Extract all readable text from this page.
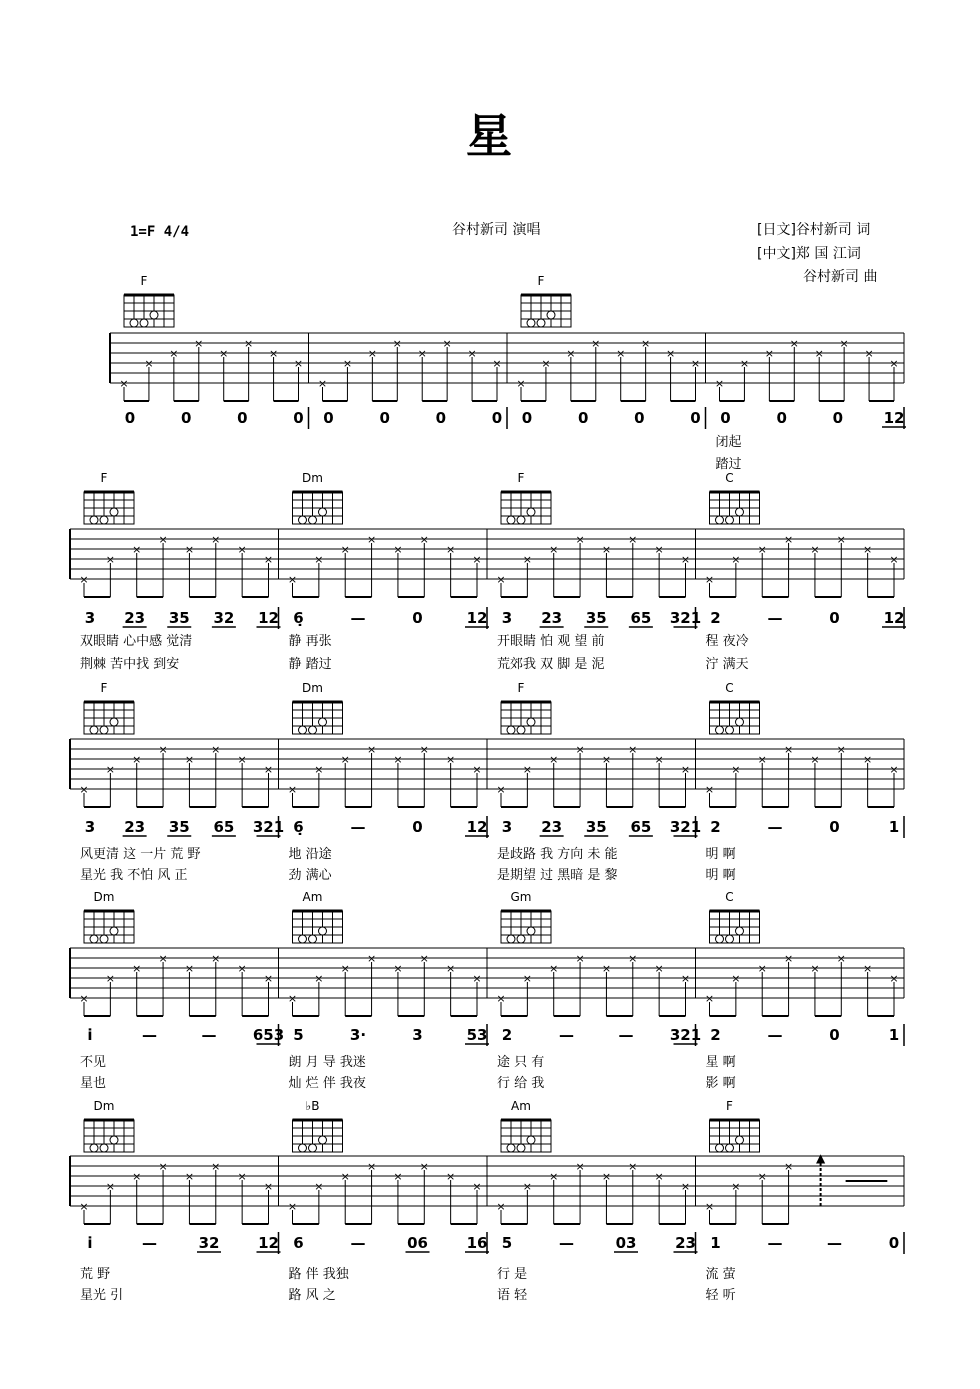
星
1=F 4/4	谷村新司 演唱	[日文]谷村新司 词
[中文]郑 国 江词
谷村新司 曲
×
×
×
×
×
×
×
×
F
0	0	0	0
×
×
×
×
×
×
×
×
0	0	0	0
×
×
×
×
×
×
×
×
F
0	0	0	0
×
×
×
×
×
×
×
×
0	0	0	12
闭起
踏过
×
×
×
×
×
×
×
×
F
3 23 35 32 12
双眼睛 心中感 觉清
荆棘 苦中找 到安
×
×
×
×
×
×
×
×
Dm
6̣	—	0	12
静 再张
静 踏过
×
×
×
×
×
×
×
×
F
3 23 35 65 321
开眼睛 怕 观 望 前
荒郊我 双 脚 是 泥
×
×
×
×
×
×
×
×
C
2	—	0	12
程 夜冷
泞 满天
×
×
×
×
×
×
×
×
F
3 23 35 65 321
风更清 这 一片 荒 野
星光 我 不怕 风 正
×
×
×
×
×
×
×
×
Dm
6̣	—	0	12
地 沿途
劲 满心
×
×
×
×
×
×
×
×
F
3 23 35 65 321
是歧路 我 方向 未 能
是期望 过 黑暗 是 黎
×
×
×
×
×
×
×
×
C
2	—	0	1
明 啊
明 啊
×
×
×
×
×
×
×
×
Dm
i̇	—	— 653
不见
星也
×
×
×
×
×
×
×
×
Am
5	3·	3	53
朗 月 导 我迷
灿 烂 伴 我夜
×
×
×
×
×
×
×
×
Gm
2	—	— 321
途 只 有
行 给 我
×
×
×
×
×
×
×
×
C
2	—	0	1
星 啊
影 啊
×
×
×
×
×
×
×
×
Dm
i̇	—	32	12
荒 野
星光 引
×
×
×
×
×
×
×
×
♭B
6	—	06	16
路 伴 我独
路 风 之
×
×
×
×
×
×
×
×
Am
5	—	03	23
行 是
语 轻
×
×
×
×
▲
F
1	—	—	0
流 萤
轻 听
